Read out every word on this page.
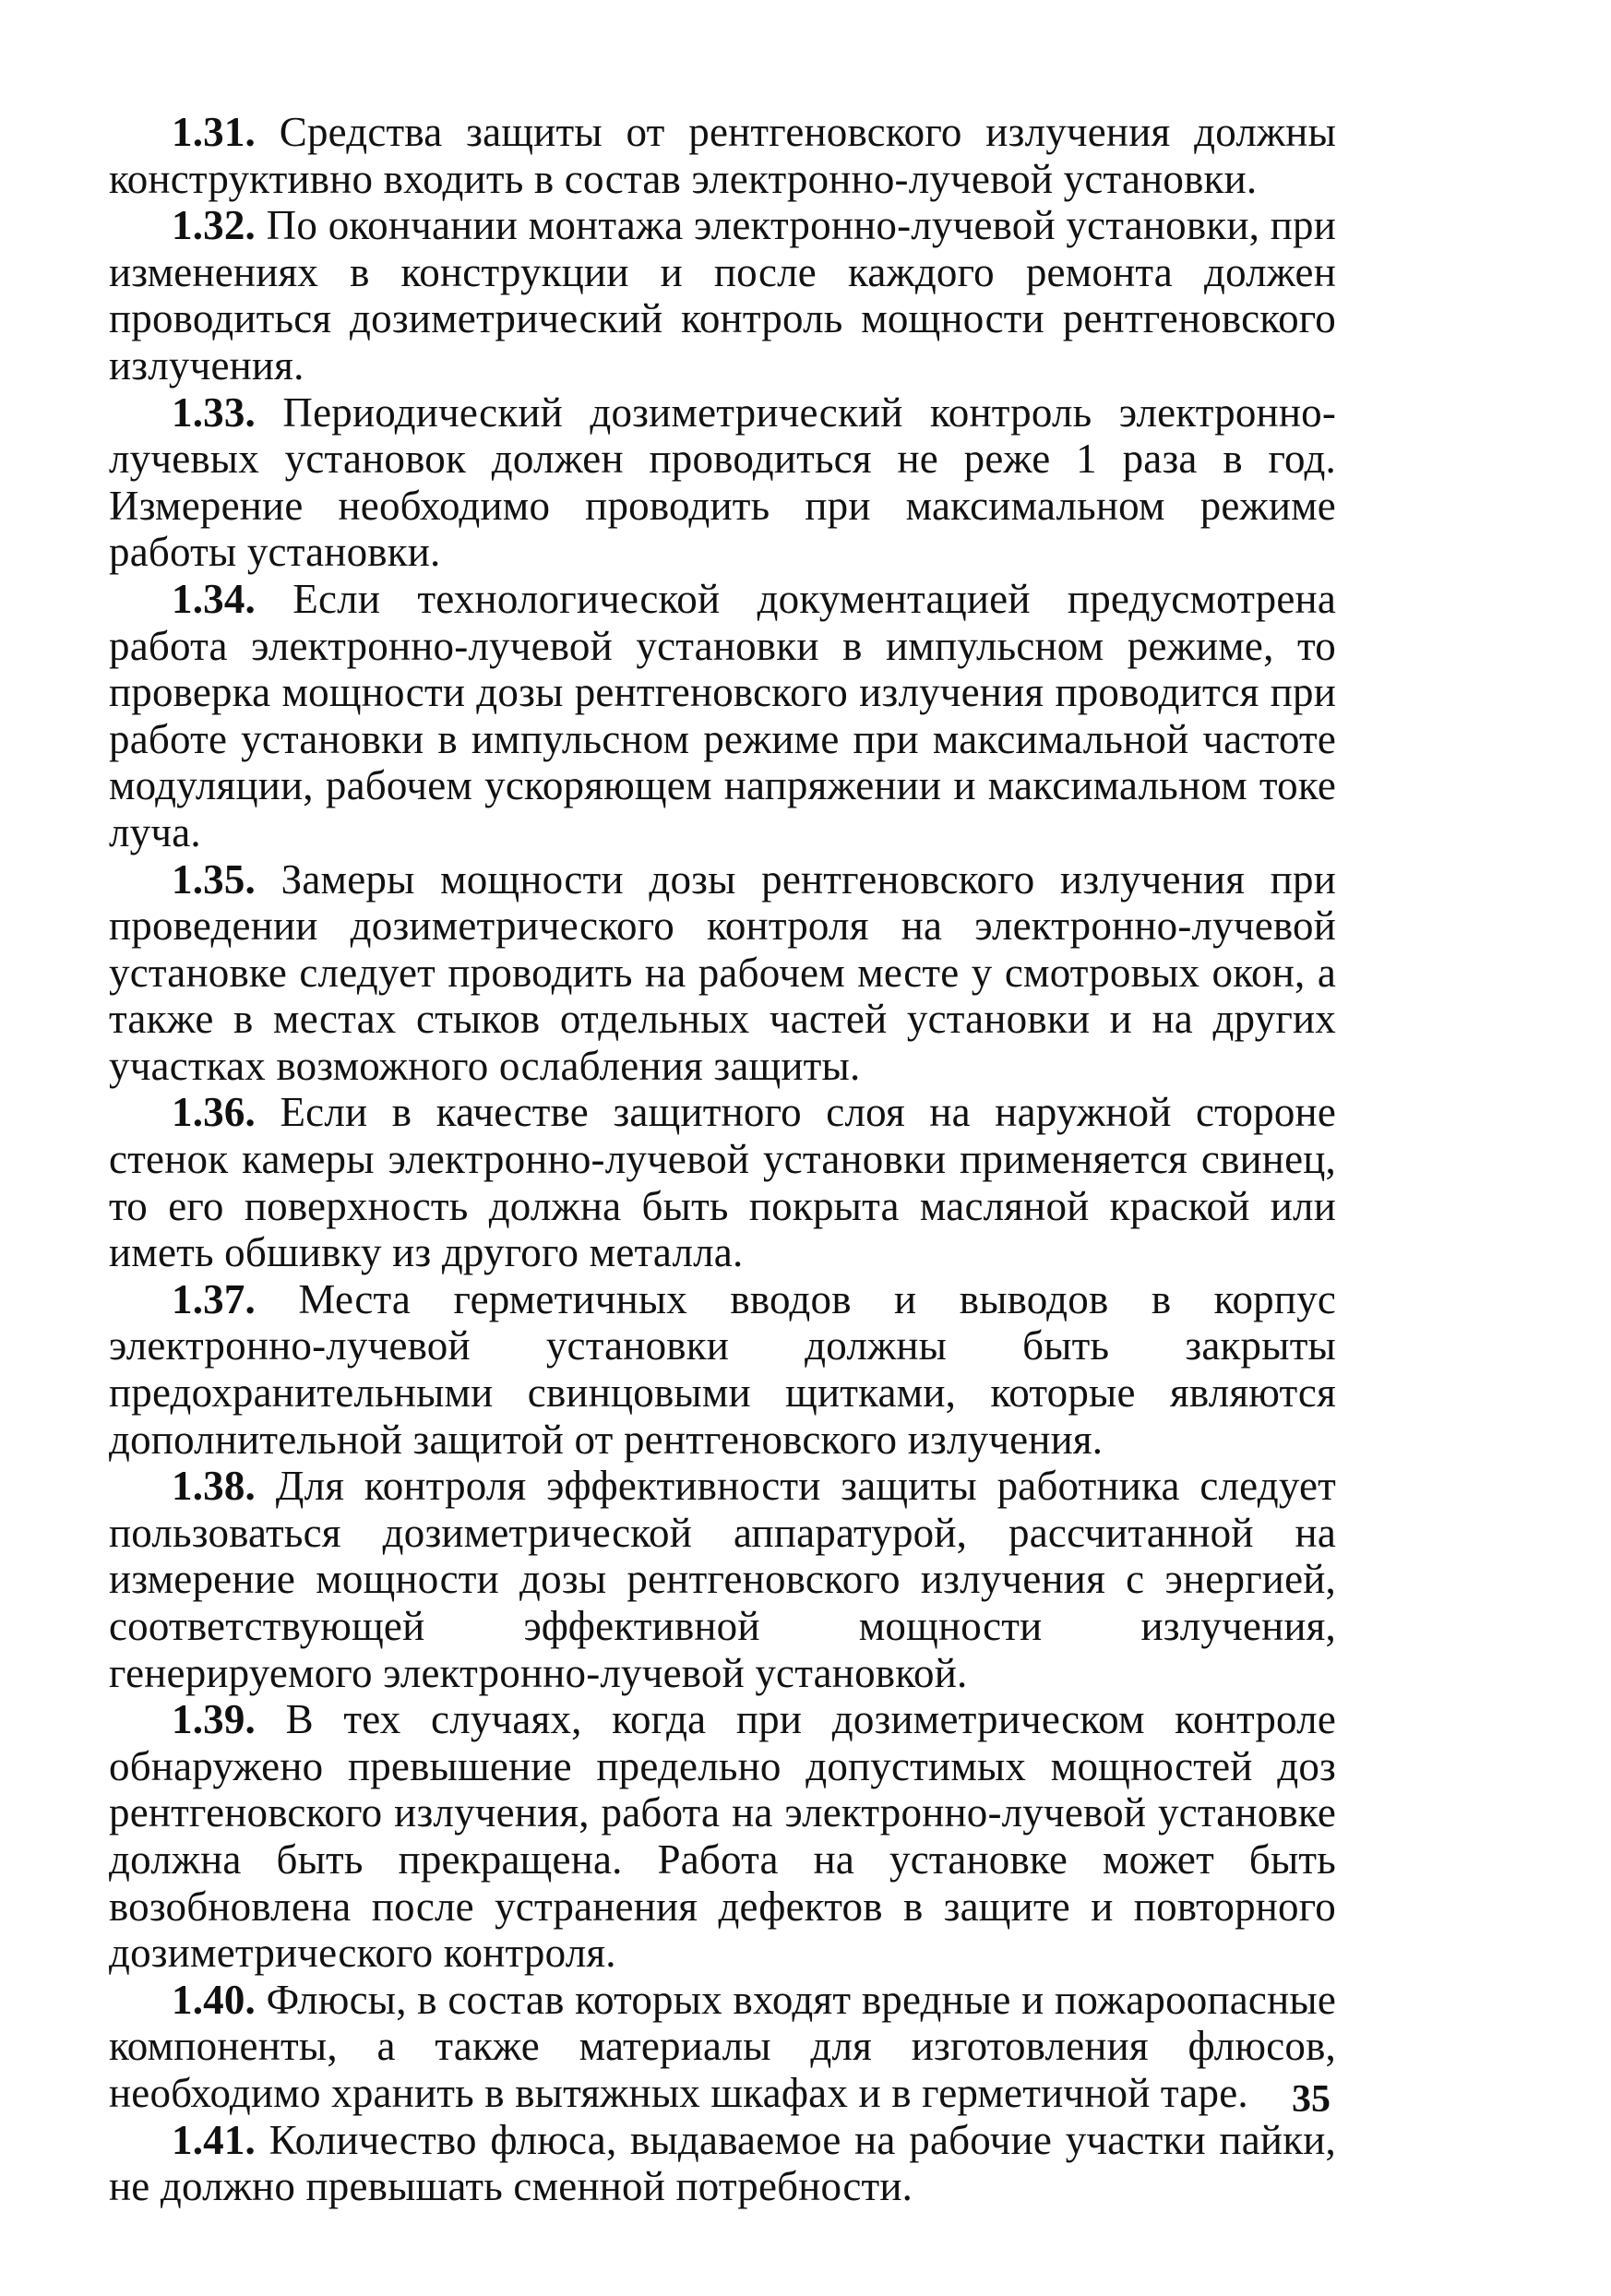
1.31. Средства защиты от рентгеновского излучения должны конструктивно входить в состав электронно-лучевой установки.

1.32. По окончании монтажа электронно-лучевой установки, при изменениях в конструкции и после каждого ремонта должен проводиться дозиметрический контроль мощности рентгеновского излучения.

1.33. Периодический дозиметрический контроль электронно-лучевых установок должен проводиться не реже 1 раза в год. Измерение необходимо проводить при максимальном режиме работы установки.

1.34. Если технологической документацией предусмотрена работа электронно-лучевой установки в импульсном режиме, то проверка мощности дозы рентгеновского излучения проводится при работе установки в импульсном режиме при максимальной частоте модуляции, рабочем ускоряющем напряжении и максимальном токе луча.

1.35. Замеры мощности дозы рентгеновского излучения при проведении дозиметрического контроля на электронно-лучевой установке следует проводить на рабочем месте у смотровых окон, а также в местах стыков отдельных частей установки и на других участках возможного ослабления защиты.

1.36. Если в качестве защитного слоя на наружной стороне стенок камеры электронно-лучевой установки применяется свинец, то его поверхность должна быть покрыта масляной краской или иметь обшивку из другого металла.

1.37. Места герметичных вводов и выводов в корпус электронно-лучевой установки должны быть закрыты предохранительными свинцовыми щитками, которые являются дополнительной защитой от рентгеновского излучения.

1.38. Для контроля эффективности защиты работника следует пользоваться дозиметрической аппаратурой, рассчитанной на измерение мощности дозы рентгеновского излучения с энергией, соответствующей эффективной мощности излучения, генерируемого электронно-лучевой установкой.

1.39. В тех случаях, когда при дозиметрическом контроле обнаружено превышение предельно допустимых мощностей доз рентгеновского излучения, работа на электронно-лучевой установке должна быть прекращена. Работа на установке может быть возобновлена после устранения дефектов в защите и повторного дозиметрического контроля.

1.40. Флюсы, в состав которых входят вредные и пожароопасные компоненты, а также материалы для изготовления флюсов, необходимо хранить в вытяжных шкафах и в герметичной таре.

1.41. Количество флюса, выдаваемое на рабочие участки пайки, не должно превышать сменной потребности.

35
